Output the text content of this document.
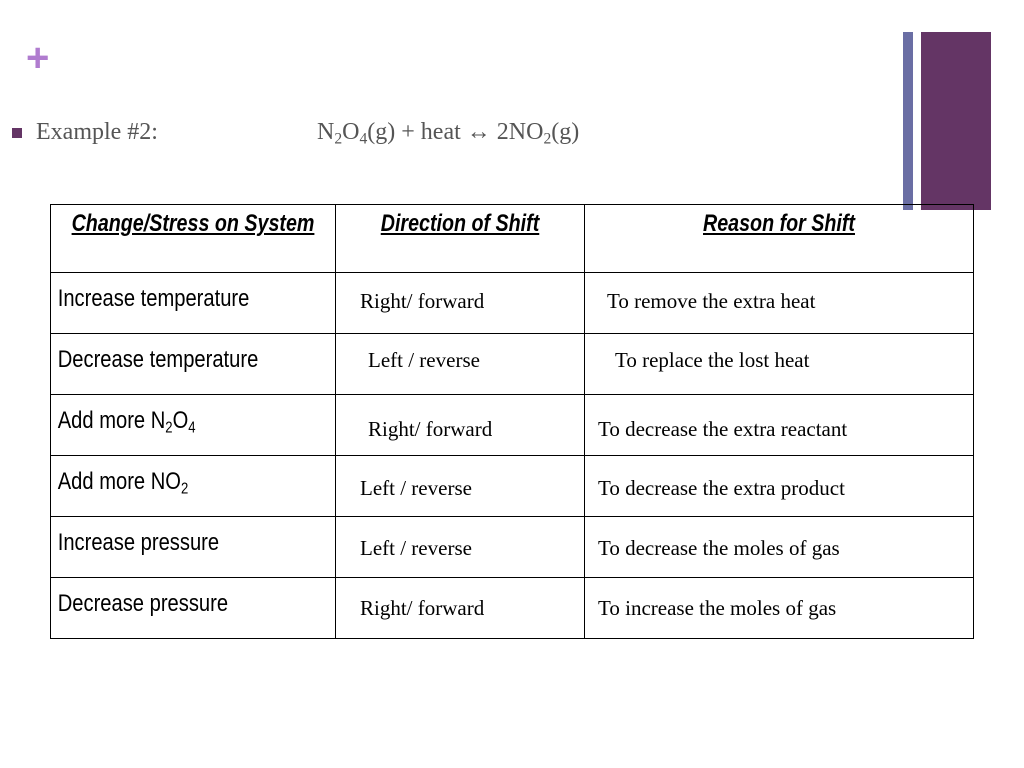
+
Example #2:	$N_2O_4(g)$ + heat ↔ $2NO_2(g)$
Change/Stress on System	Direction of Shift	Reason for Shift

Increase temperature	Right/ forward	To remove the extra heat

Decrease temperature	Left / reverse	To replace the lost heat

Add more $N_2O_4$	Right/ forward	To decrease the extra reactant

Add more $NO_2$	Left / reverse	To decrease the extra product

Increase pressure	Left / reverse	To decrease the moles of gas

Decrease pressure	Right/ forward	To increase the moles of gas
